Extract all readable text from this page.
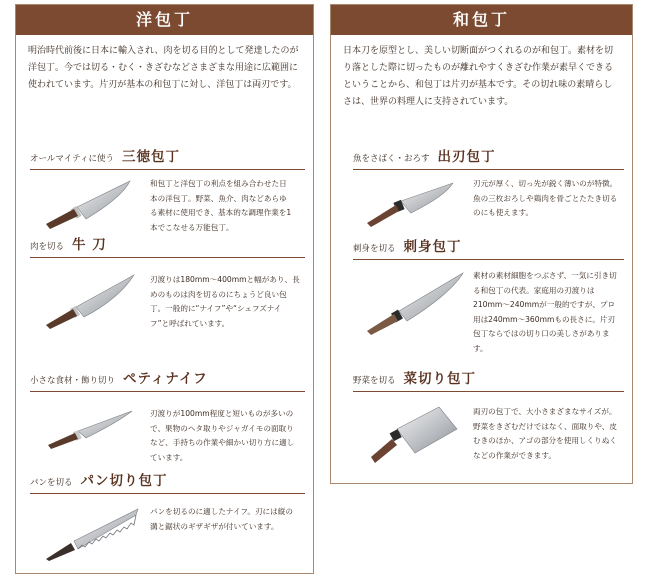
洋包丁

明治時代前後に日本に輸入され、肉を切る目的として発達したのが洋包丁。今では切る・むく・きざむなどさまざまな用途に広範囲に使われています。片刃が基本の和包丁に対し、洋包丁は両刃です。

オールマイティに使う 三徳包丁

和包丁と洋包丁の利点を組み合わせた日本の洋包丁。野菜、魚介、肉などあらゆる素材に使用でき、基本的な調理作業を1本でこなせる万能包丁。

肉を切る 牛 刀

刃渡りは180mm〜400mmと幅があり、長めのものは肉を切るのにちょうど良い包丁。一般的に“ナイフ”や“シェフズナイフ”と呼ばれています。

小さな食材・飾り切り ペティナイフ

刃渡りが100mm程度と短いものが多いので、果物のヘタ取りやジャガイモの面取りなど、手持ちの作業や細かい切り方に適しています。

パンを切る パン切り包丁

パンを切るのに適したナイフ。刃には縦の溝と鋸状のギザギザが付いています。

和包丁

日本刀を原型とし、美しい切断面がつくれるのが和包丁。素材を切り落とした際に切ったものが離れやすくきざむ作業が素早くできるということから、和包丁は片刃が基本です。その切れ味の素晴らしさは、世界の料理人に支持されています。

魚をさばく・おろす 出刃包丁

刃元が厚く、切っ先が鋭く薄いのが特徴。魚の三枚おろしや鶏肉を骨ごとたたき切るのにも使えます。

刺身を切る 刺身包丁

素材の素材細胞をつぶさず、一気に引き切る和包丁の代表。家庭用の刃渡りは210mm〜240mmが一般的ですが、プロ用は240mm〜360mmもの長さに。片刃包丁ならではの切り口の美しさがあります。

野菜を切る 菜切り包丁

両刃の包丁で、大小さまざまなサイズが。野菜をきざむだけではなく、面取りや、皮むきのほか、アゴの部分を使用しくりぬくなどの作業ができます。
